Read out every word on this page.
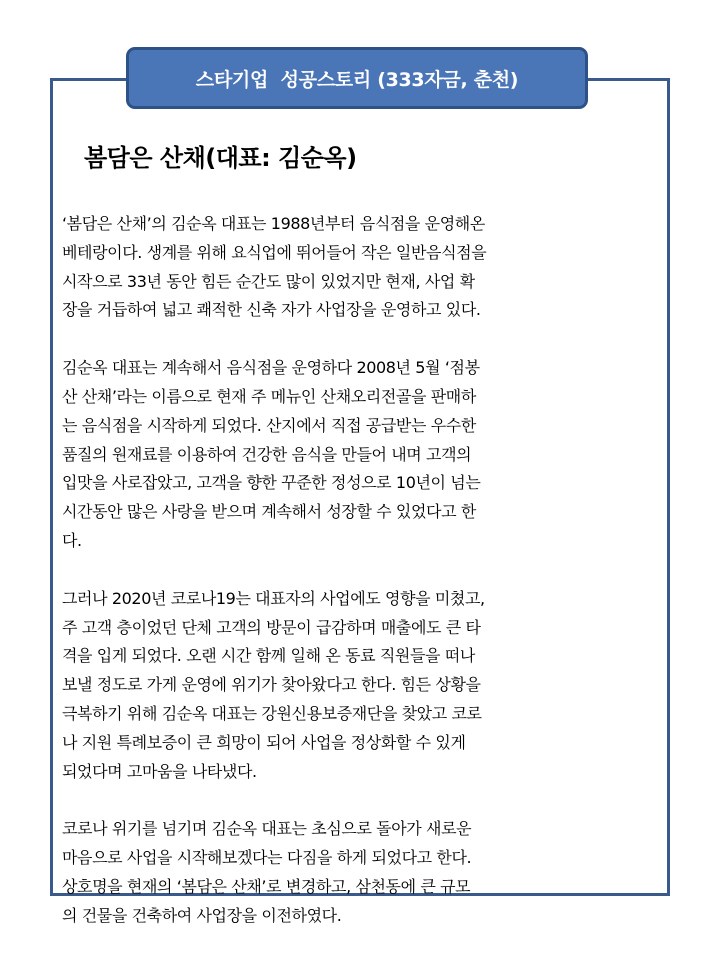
스타기업  성공스토리 (333자금, 춘천)
봄담은 산채(대표: 김순옥)
‘봄담은 산채’의 김순옥 대표는 1988년부터 음식점을 운영해온
베테랑이다. 생계를 위해 요식업에 뛰어들어 작은 일반음식점을
시작으로 33년 동안 힘든 순간도 많이 있었지만 현재, 사업 확
장을 거듭하여 넓고 쾌적한 신축 자가 사업장을 운영하고 있다.
김순옥 대표는 계속해서 음식점을 운영하다 2008년 5월 ‘점봉
산 산채’라는 이름으로 현재 주 메뉴인 산채오리전골을 판매하
는 음식점을 시작하게 되었다. 산지에서 직접 공급받는 우수한
품질의 원재료를 이용하여 건강한 음식을 만들어 내며 고객의
입맛을 사로잡았고, 고객을 향한 꾸준한 정성으로 10년이 넘는
시간동안 많은 사랑을 받으며 계속해서 성장할 수 있었다고 한
다.
그러나 2020년 코로나19는 대표자의 사업에도 영향을 미쳤고,
주 고객 층이었던 단체 고객의 방문이 급감하며 매출에도 큰 타
격을 입게 되었다. 오랜 시간 함께 일해 온 동료 직원들을 떠나
보낼 정도로 가게 운영에 위기가 찾아왔다고 한다. 힘든 상황을
극복하기 위해 김순옥 대표는 강원신용보증재단을 찾았고 코로
나 지원 특례보증이 큰 희망이 되어 사업을 정상화할 수 있게
되었다며 고마움을 나타냈다.
코로나 위기를 넘기며 김순옥 대표는 초심으로 돌아가 새로운
마음으로 사업을 시작해보겠다는 다짐을 하게 되었다고 한다.
상호명을 현재의 ‘봄담은 산채’로 변경하고, 삼천동에 큰 규모
의 건물을 건축하여 사업장을 이전하였다.
